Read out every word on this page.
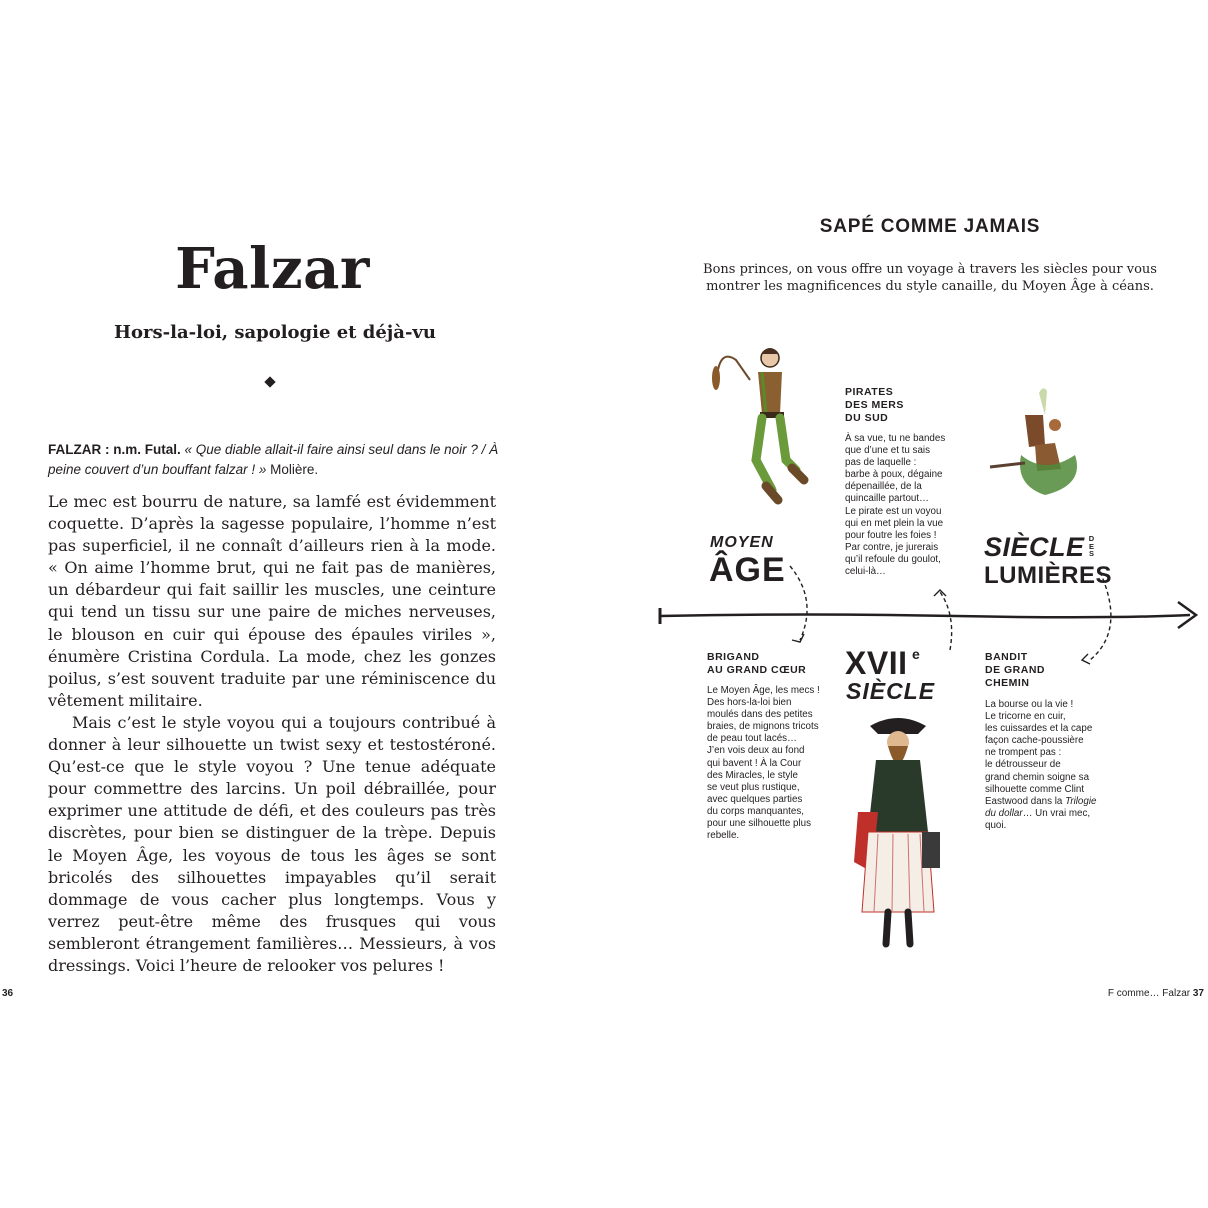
Falzar
Hors-la-loi, sapologie et déjà-vu
FALZAR : n.m. Futal. « Que diable allait-il faire ainsi seul dans le noir ? / À peine couvert d’un bouffant falzar ! » Molière.

Le mec est bourru de nature, sa lamfé est évidemment coquette. D’après la sagesse populaire, l’homme n’est pas superficiel, il ne connaît d’ailleurs rien à la mode. « On aime l’homme brut, qui ne fait pas de manières, un débardeur qui fait saillir les muscles, une ceinture qui tend un tissu sur une paire de miches nerveuses, le blouson en cuir qui épouse des épaules viriles », énumère Cristina Cordula. La mode, chez les gonzes poilus, s’est souvent traduite par une réminiscence du vêtement militaire.

Mais c’est le style voyou qui a toujours contribué à donner à leur silhouette un twist sexy et testostéroné. Qu’est-ce que le style voyou ? Une tenue adéquate pour commettre des larcins. Un poil débraillée, pour exprimer une attitude de défi, et des couleurs pas très discrètes, pour bien se distinguer de la trèpe. Depuis le Moyen Âge, les voyous de tous les âges se sont bricolés des silhouettes impayables qu’il serait dommage de vous cacher plus longtemps. Vous y verrez peut-être même des frusques qui vous sembleront étrangement familières… Messieurs, à vos dressings. Voici l’heure de relooker vos pelures !

36
SAPÉ COMME JAMAIS
Bons princes, on vous offre un voyage à travers les siècles pour vous montrer les magnificences du style canaille, du Moyen Âge à céans.
MOYEN
ÂGE
SIÈCLE DES
LUMIÈRES
XVII e
SIÈCLE
PIRATES
DES MERS
DU SUD
À sa vue, tu ne bandes
que d’une et tu sais
pas de laquelle :
barbe à poux, dégaine
dépenaillée, de la
quincaille partout…
Le pirate est un voyou
qui en met plein la vue
pour foutre les foies !
Par contre, je jurerais
qu’il refoule du goulot,
celui-là…
BRIGAND
AU GRAND CŒUR
Le Moyen Âge, les mecs !
Des hors-la-loi bien
moulés dans des petites
braies, de mignons tricots
de peau tout lacés…
J’en vois deux au fond
qui bavent ! À la Cour
des Miracles, le style
se veut plus rustique,
avec quelques parties
du corps manquantes,
pour une silhouette plus
rebelle.
BANDIT
DE GRAND
CHEMIN
La bourse ou la vie !
Le tricorne en cuir,
les cuissardes et la cape
façon cache-poussière
ne trompent pas :
le détrousseur de
grand chemin soigne sa
silhouette comme Clint
Eastwood dans la Trilogie
du dollar… Un vrai mec,
quoi.
F comme… Falzar 37
